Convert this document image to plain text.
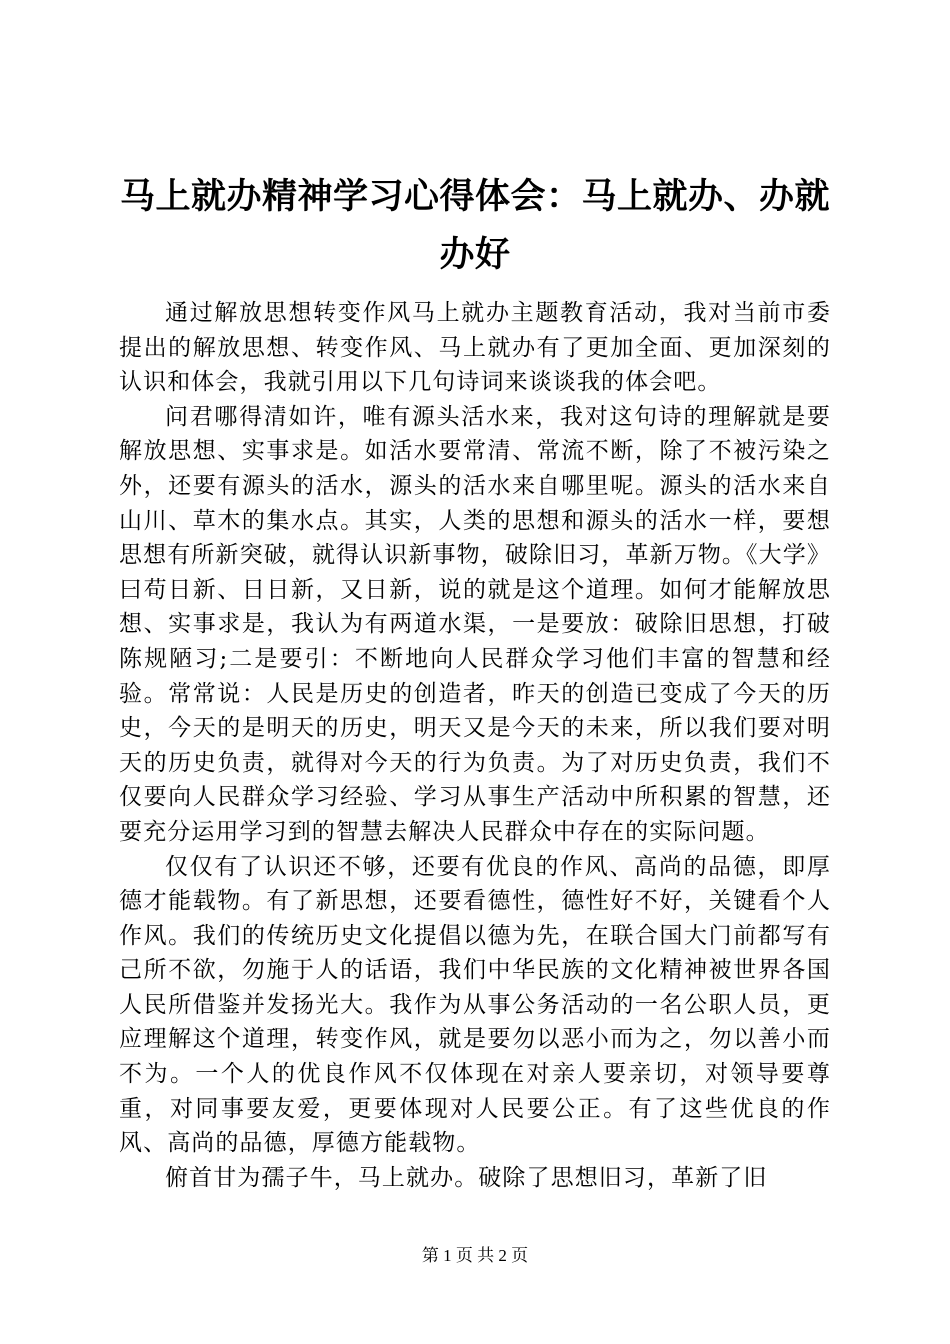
马上就办精神学习心得体会：马上就办、办就办好

通过解放思想转变作风马上就办主题教育活动，我对当前市委提出的解放思想、转变作风、马上就办有了更加全面、更加深刻的认识和体会，我就引用以下几句诗词来谈谈我的体会吧。

问君哪得清如许，唯有源头活水来，我对这句诗的理解就是要解放思想、实事求是。如活水要常清、常流不断，除了不被污染之外，还要有源头的活水，源头的活水来自哪里呢。源头的活水来自山川、草木的集水点。其实，人类的思想和源头的活水一样，要想思想有所新突破，就得认识新事物，破除旧习，革新万物。《大学》曰苟日新、日日新，又日新，说的就是这个道理。如何才能解放思想、实事求是，我认为有两道水渠，一是要放：破除旧思想，打破陈规陋习;二是要引：不断地向人民群众学习他们丰富的智慧和经验。常常说：人民是历史的创造者，昨天的创造已变成了今天的历史，今天的是明天的历史，明天又是今天的未来，所以我们要对明天的历史负责，就得对今天的行为负责。为了对历史负责，我们不仅要向人民群众学习经验、学习从事生产活动中所积累的智慧，还要充分运用学习到的智慧去解决人民群众中存在的实际问题。

仅仅有了认识还不够，还要有优良的作风、高尚的品德，即厚德才能载物。有了新思想，还要看德性，德性好不好，关键看个人作风。我们的传统历史文化提倡以德为先，在联合国大门前都写有己所不欲，勿施于人的话语，我们中华民族的文化精神被世界各国人民所借鉴并发扬光大。我作为从事公务活动的一名公职人员，更应理解这个道理，转变作风，就是要勿以恶小而为之，勿以善小而不为。一个人的优良作风不仅体现在对亲人要亲切，对领导要尊重，对同事要友爱，更要体现对人民要公正。有了这些优良的作风、高尚的品德，厚德方能载物。

俯首甘为孺子牛，马上就办。破除了思想旧习，革新了旧

第 1 页 共 2 页
